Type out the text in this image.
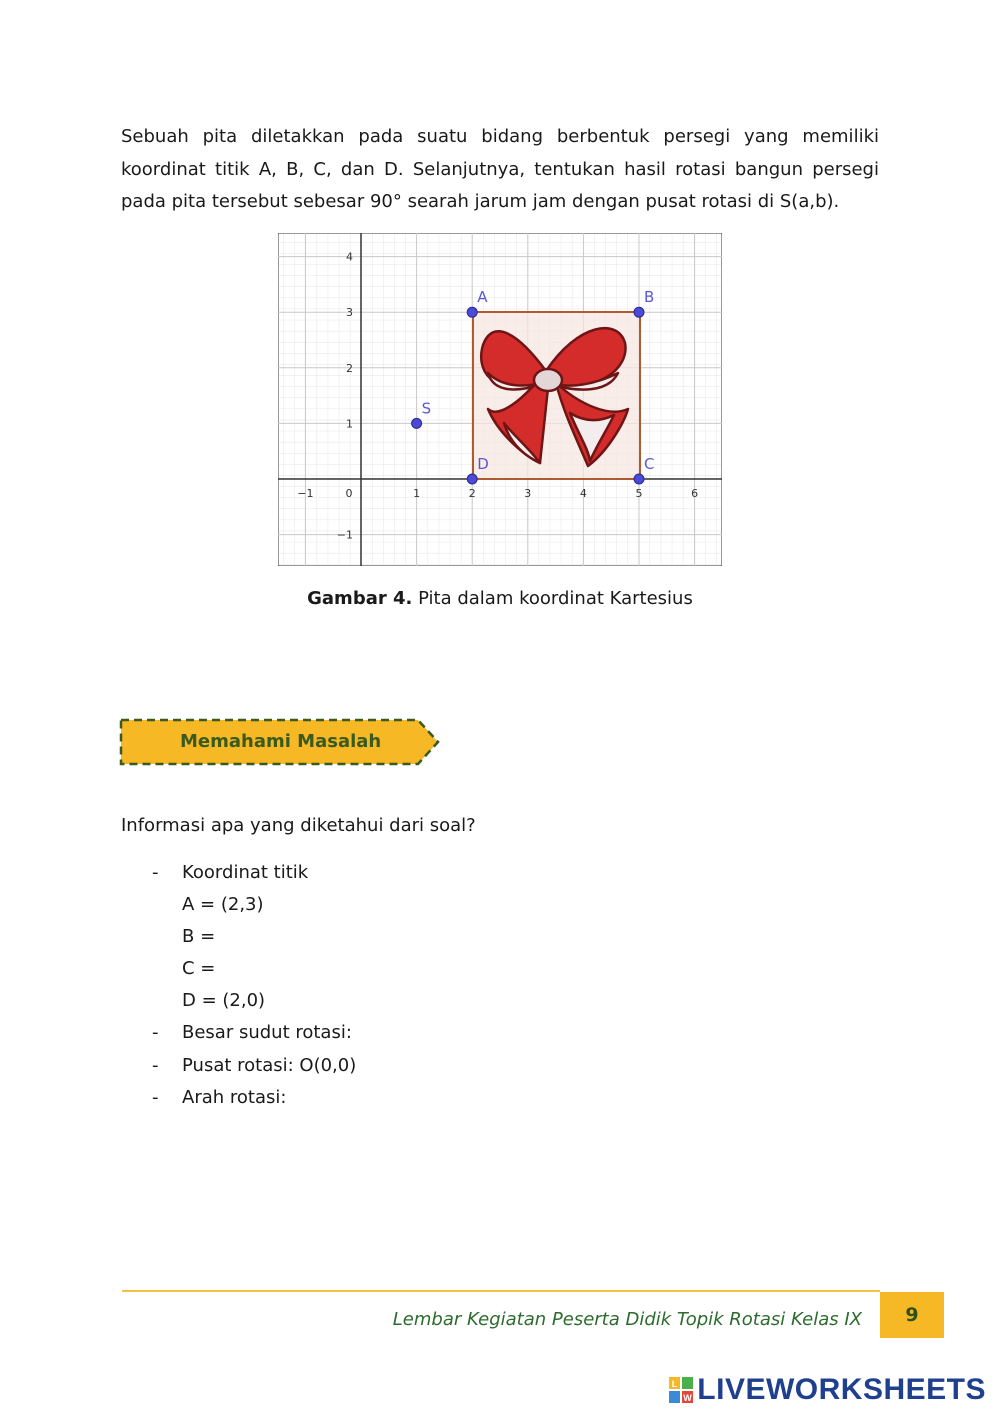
Sebuah pita diletakkan pada suatu bidang berbentuk persegi yang memiliki koordinat titik A, B, C, dan D. Selanjutnya, tentukan hasil rotasi bangun persegi pada pita tersebut sebesar 90° searah jarum jam dengan pusat rotasi di S(a,b).

−1	0	1	2	3	4	5	6
4
3
2
1
−1
A	B
C
D
S
Gambar 4. Pita dalam koordinat Kartesius
Memahami Masalah

Informasi apa yang diketahui dari soal?

- Koordinat titik
A = (2,3)
B =
C =
D = (2,0)
- Besar sudut rotasi:
- Pusat rotasi: O(0,0)
- Arah rotasi:
Lembar Kegiatan Peserta Didik Topik Rotasi Kelas IX	9
L
W LIVEWORKSHEETS
